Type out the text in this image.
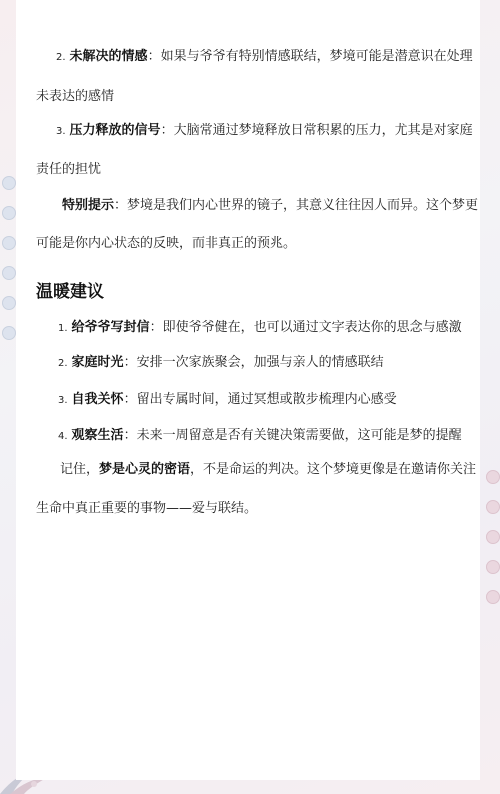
2. 未解决的情感：如果与爷爷有特别情感联结，梦境可能是潜意识在处理
未表达的感情
3. 压力释放的信号：大脑常通过梦境释放日常积累的压力，尤其是对家庭
责任的担忧
特别提示：梦境是我们内心世界的镜子，其意义往往因人而异。这个梦更
可能是你内心状态的反映，而非真正的预兆。
温暖建议
1. 给爷爷写封信：即使爷爷健在，也可以通过文字表达你的思念与感激
2. 家庭时光：安排一次家族聚会，加强与亲人的情感联结
3. 自我关怀：留出专属时间，通过冥想或散步梳理内心感受
4. 观察生活：未来一周留意是否有关键决策需要做，这可能是梦的提醒
记住，梦是心灵的密语，不是命运的判决。这个梦境更像是在邀请你关注
生命中真正重要的事物——爱与联结。
